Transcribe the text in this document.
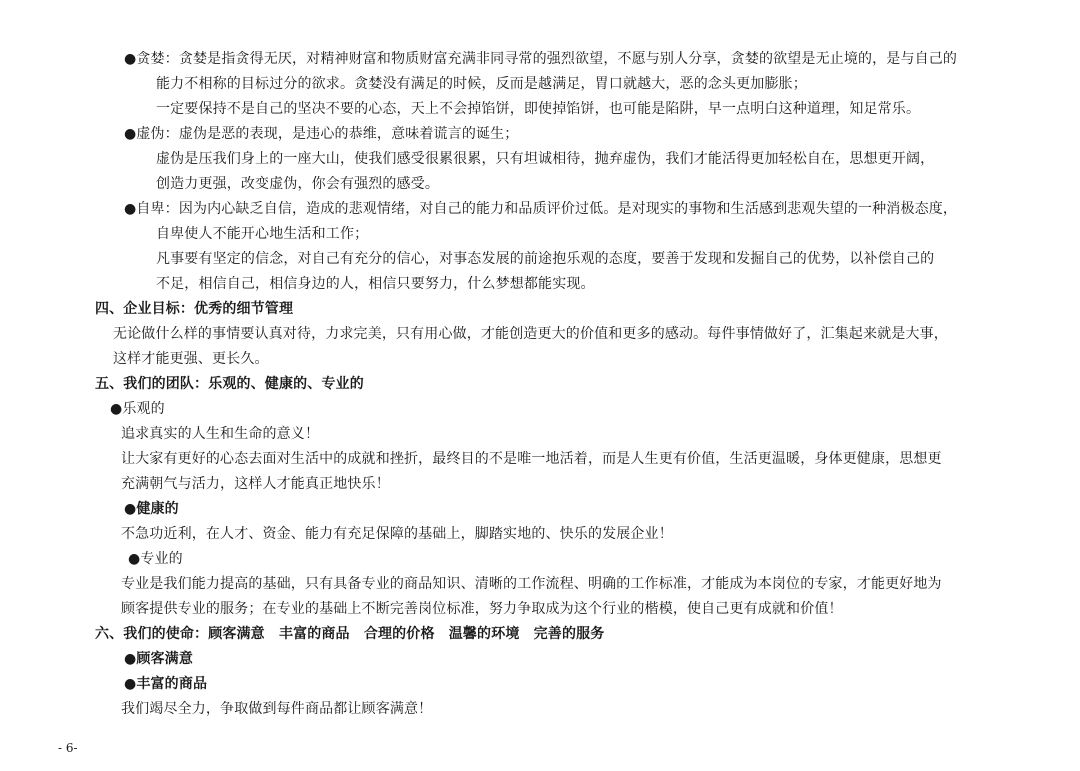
●贪婪：贪婪是指贪得无厌，对精神财富和物质财富充满非同寻常的强烈欲望，不愿与别人分享，贪婪的欲望是无止境的，是与自己的
能力不相称的目标过分的欲求。贪婪没有满足的时候，反而是越满足，胃口就越大，恶的念头更加膨胀；
一定要保持不是自己的坚决不要的心态，天上不会掉馅饼，即使掉馅饼，也可能是陷阱，早一点明白这种道理，知足常乐。
●虚伪：虚伪是恶的表现，是违心的恭维，意味着谎言的诞生；
虚伪是压我们身上的一座大山，使我们感受很累很累，只有坦诚相待，抛弃虚伪，我们才能活得更加轻松自在，思想更开阔，
创造力更强，改变虚伪，你会有强烈的感受。
●自卑：因为内心缺乏自信，造成的悲观情绪，对自己的能力和品质评价过低。是对现实的事物和生活感到悲观失望的一种消极态度，
自卑使人不能开心地生活和工作；
凡事要有坚定的信念，对自己有充分的信心，对事态发展的前途抱乐观的态度，要善于发现和发掘自己的优势，以补偿自己的
不足，相信自己，相信身边的人，相信只要努力，什么梦想都能实现。
四、企业目标：优秀的细节管理
无论做什么样的事情要认真对待，力求完美，只有用心做，才能创造更大的价值和更多的感动。每件事情做好了，汇集起来就是大事，
这样才能更强、更长久。
五、我们的团队：乐观的、健康的、专业的
●乐观的
追求真实的人生和生命的意义！
让大家有更好的心态去面对生活中的成就和挫折，最终目的不是唯一地活着，而是人生更有价值，生活更温暖，身体更健康，思想更
充满朝气与活力，这样人才能真正地快乐！
●健康的
不急功近利，在人才、资金、能力有充足保障的基础上，脚踏实地的、快乐的发展企业！
●专业的
专业是我们能力提高的基础，只有具备专业的商品知识、清晰的工作流程、明确的工作标准，才能成为本岗位的专家，才能更好地为
顾客提供专业的服务；在专业的基础上不断完善岗位标准，努力争取成为这个行业的楷模，使自己更有成就和价值！
六、我们的使命：顾客满意　丰富的商品　合理的价格　温馨的环境　完善的服务
●顾客满意
●丰富的商品
我们竭尽全力，争取做到每件商品都让顾客满意！
- 6-
